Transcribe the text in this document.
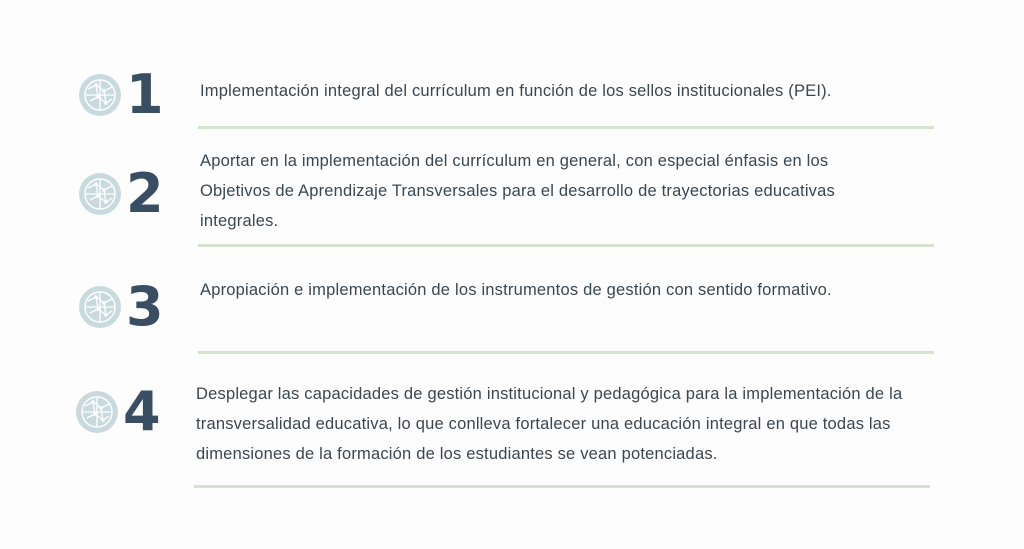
1 Implementación integral del currículum en función de los sellos institucionales (PEI).
2
Aportar en la implementación del currículum en general, con especial énfasis en los Objetivos de Aprendizaje Transversales para el desarrollo de trayectorias educativas integrales.
3 Apropiación e implementación de los instrumentos de gestión con sentido formativo.
4 Desplegar las capacidades de gestión institucional y pedagógica para la implementación de la transversalidad educativa, lo que conlleva fortalecer una educación integral en que todas las dimensiones de la formación de los estudiantes se vean potenciadas.
